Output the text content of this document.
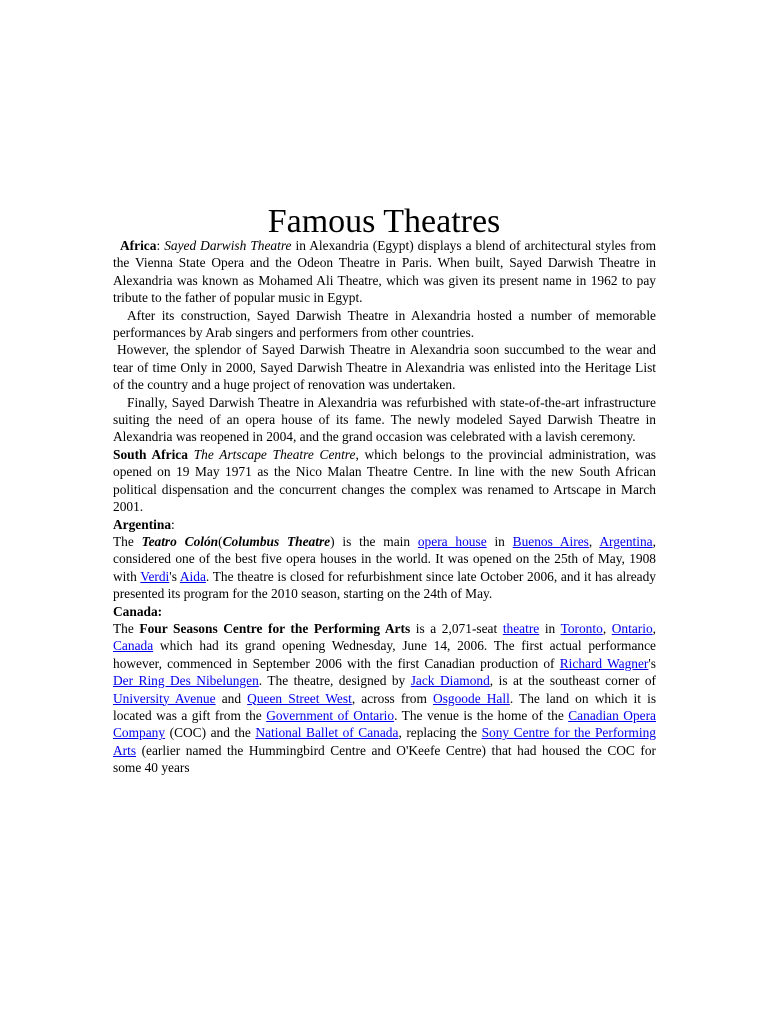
Famous Theatres

Africa: Sayed Darwish Theatre in Alexandria (Egypt) displays a blend of architectural styles from the Vienna State Opera and the Odeon Theatre in Paris. When built, Sayed Darwish Theatre in Alexandria was known as Mohamed Ali Theatre, which was given its present name in 1962 to pay tribute to the father of popular music in Egypt.

After its construction, Sayed Darwish Theatre in Alexandria hosted a number of memorable performances by Arab singers and performers from other countries.

However, the splendor of Sayed Darwish Theatre in Alexandria soon succumbed to the wear and tear of time Only in 2000, Sayed Darwish Theatre in Alexandria was enlisted into the Heritage List of the country and a huge project of renovation was undertaken.

Finally, Sayed Darwish Theatre in Alexandria was refurbished with state-of-the-art infrastructure suiting the need of an opera house of its fame. The newly modeled Sayed Darwish Theatre in Alexandria was reopened in 2004, and the grand occasion was celebrated with a lavish ceremony.

South Africa The Artscape Theatre Centre, which belongs to the provincial administration, was opened on 19 May 1971 as the Nico Malan Theatre Centre. In line with the new South African political dispensation and the concurrent changes the complex was renamed to Artscape in March 2001.

Argentina:

The Teatro Colón(Columbus Theatre) is the main opera house in Buenos Aires, Argentina, considered one of the best five opera houses in the world. It was opened on the 25th of May, 1908 with Verdi's Aida. The theatre is closed for refurbishment since late October 2006, and it has already presented its program for the 2010 season, starting on the 24th of May.

Canada:

The Four Seasons Centre for the Performing Arts is a 2,071-seat theatre in Toronto, Ontario, Canada which had its grand opening Wednesday, June 14, 2006. The first actual performance however, commenced in September 2006 with the first Canadian production of Richard Wagner's Der Ring Des Nibelungen. The theatre, designed by Jack Diamond, is at the southeast corner of University Avenue and Queen Street West, across from Osgoode Hall. The land on which it is located was a gift from the Government of Ontario. The venue is the home of the Canadian Opera Company (COC) and the National Ballet of Canada, replacing the Sony Centre for the Performing Arts (earlier named the Hummingbird Centre and O'Keefe Centre) that had housed the COC for some 40 years
